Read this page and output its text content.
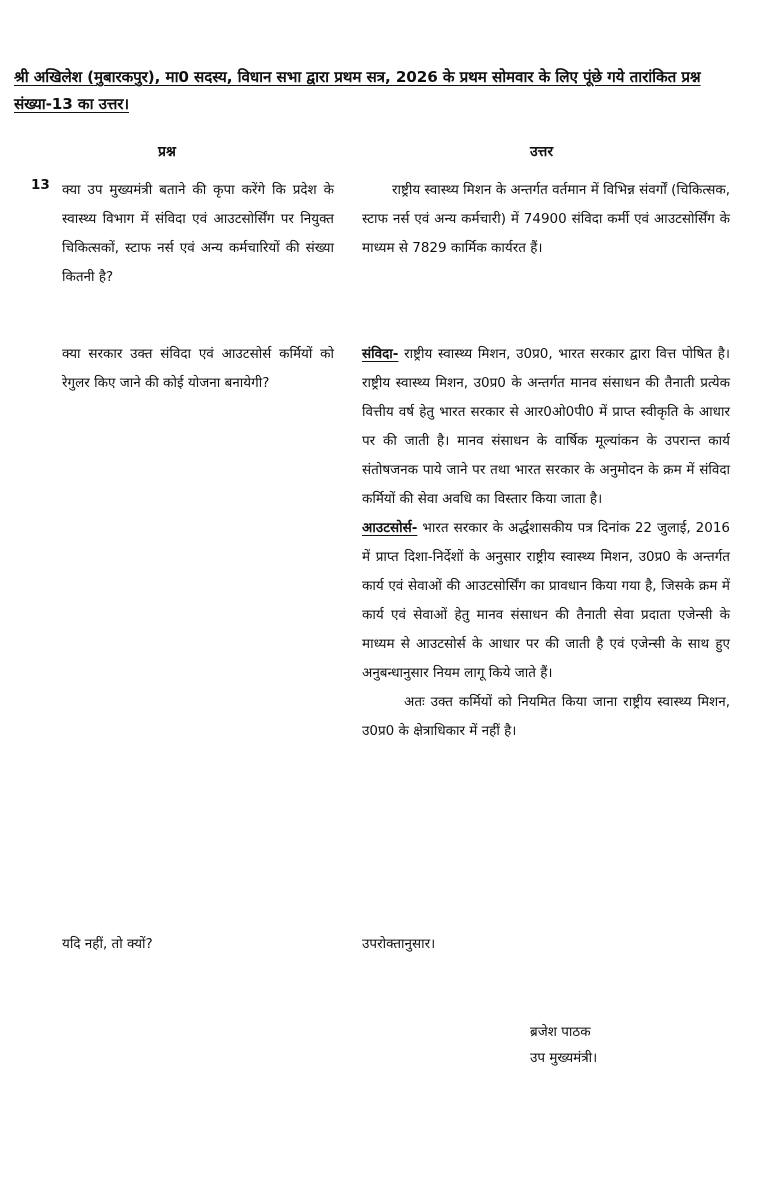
श्री अखिलेश (मुबारकपुर), मा0 सदस्य, विधान सभा द्वारा प्रथम सत्र, 2026 के प्रथम सोमवार के लिए पूंछे गये तारांकित प्रश्न संख्या-13 का उत्तर।
प्रश्न	उत्तर
13 क्या उप मुख्यमंत्री बताने की कृपा करेंगे कि प्रदेश के स्वास्थ्य विभाग में संविदा एवं आउटसोर्सिंग पर नियुक्त चिकित्सकों, स्टाफ नर्स एवं अन्य कर्मचारियों की संख्या कितनी है?
क्या सरकार उक्त संविदा एवं आउटसोर्स कर्मियों को रेगुलर किए जाने की कोई योजना बनायेगी?
यदि नहीं, तो क्यों?

राष्ट्रीय स्वास्थ्य मिशन के अन्तर्गत वर्तमान में विभिन्न संवर्गों (चिकित्सक, स्टाफ नर्स एवं अन्य कर्मचारी) में 74900 संविदा कर्मी एवं आउटसोर्सिंग के माध्यम से 7829 कार्मिक कार्यरत हैं।

संविदा- राष्ट्रीय स्वास्थ्य मिशन, उ0प्र0, भारत सरकार द्वारा वित्त पोषित है। राष्ट्रीय स्वास्थ्य मिशन, उ0प्र0 के अन्तर्गत मानव संसाधन की तैनाती प्रत्येक वित्तीय वर्ष हेतु भारत सरकार से आर0ओ0पी0 में प्राप्त स्वीकृति के आधार पर की जाती है। मानव संसाधन के वार्षिक मूल्यांकन के उपरान्त कार्य संतोषजनक पाये जाने पर तथा भारत सरकार के अनुमोदन के क्रम में संविदा कर्मियों की सेवा अवधि का विस्तार किया जाता है।

आउटसोर्स- भारत सरकार के अर्द्धशासकीय पत्र दिनांक 22 जुलाई, 2016 में प्राप्त दिशा-निर्देशों के अनुसार राष्ट्रीय स्वास्थ्य मिशन, उ0प्र0 के अन्तर्गत कार्य एवं सेवाओं की आउटसोर्सिंग का प्रावधान किया गया है, जिसके क्रम में कार्य एवं सेवाओं हेतु मानव संसाधन की तैनाती सेवा प्रदाता एजेन्सी के माध्यम से आउटसोर्स के आधार पर की जाती है एवं एजेन्सी के साथ हुए अनुबन्धानुसार नियम लागू किये जाते हैं।

अतः उक्त कर्मियों को नियमित किया जाना राष्ट्रीय स्वास्थ्य मिशन, उ0प्र0 के क्षेत्राधिकार में नहीं है।

उपरोक्तानुसार।
ब्रजेश पाठक
उप मुख्यमंत्री।
